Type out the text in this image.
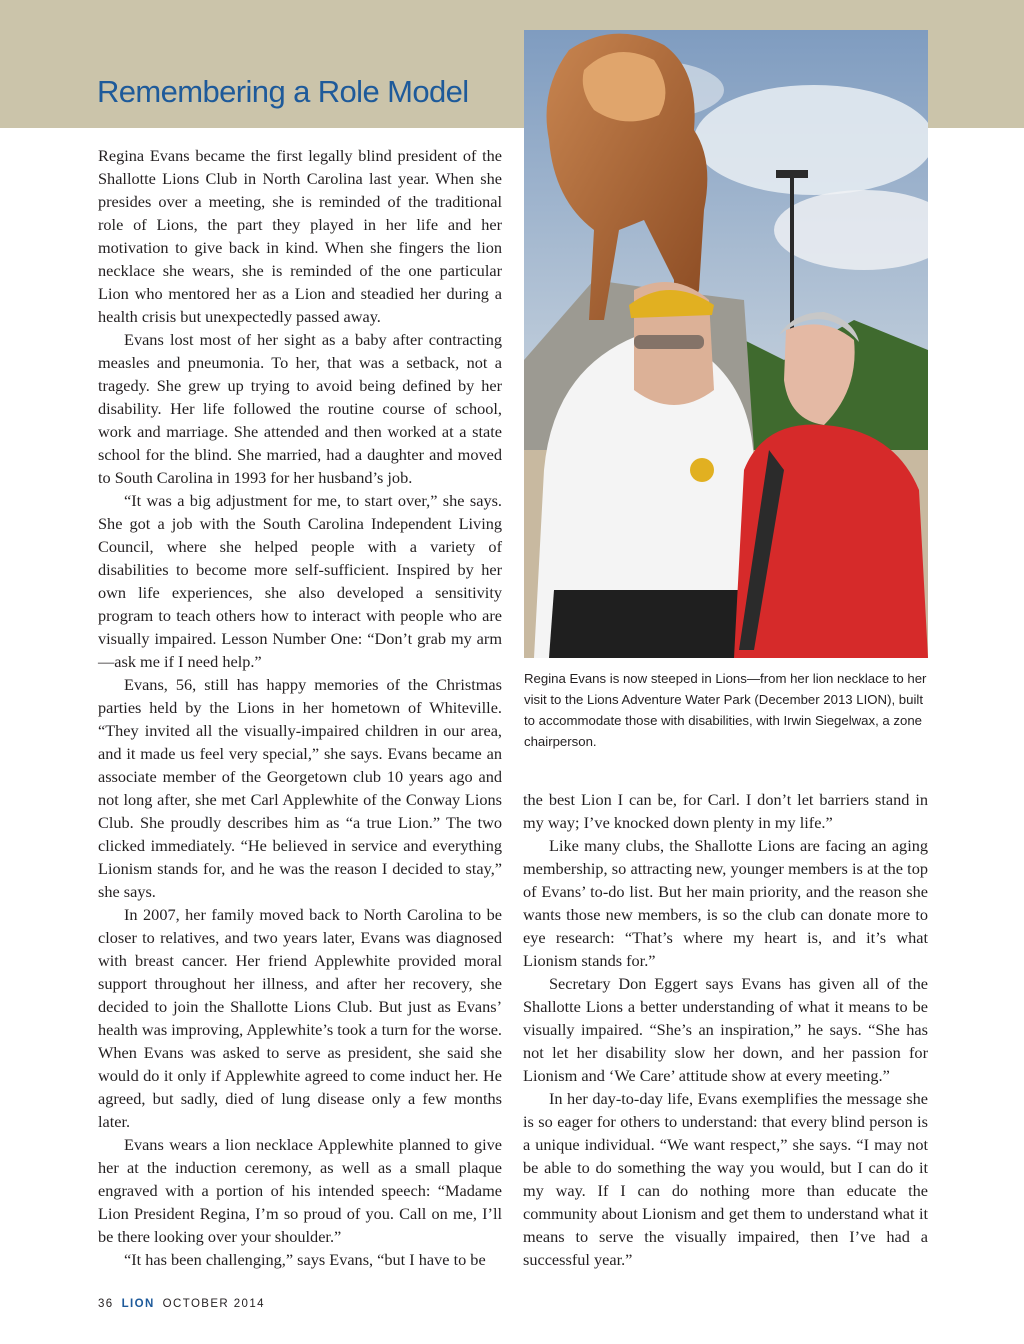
Remembering a Role Model

Regina Evans is now steeped in Lions—from her lion necklace to her visit to the Lions Adventure Water Park (December 2013 LION), built to accommodate those with disabilities, with Irwin Siegelwax, a zone chairperson.

Regina Evans became the first legally blind president of the Shallotte Lions Club in North Carolina last year. When she presides over a meeting, she is reminded of the traditional role of Lions, the part they played in her life and her motivation to give back in kind. When she fingers the lion necklace she wears, she is reminded of the one particular Lion who mentored her as a Lion and steadied her during a health crisis but unexpectedly passed away.

Evans lost most of her sight as a baby after contracting measles and pneumonia. To her, that was a setback, not a tragedy. She grew up trying to avoid being defined by her disability. Her life followed the routine course of school, work and marriage. She attended and then worked at a state school for the blind. She married, had a daughter and moved to South Carolina in 1993 for her husband’s job.

“It was a big adjustment for me, to start over,” she says. She got a job with the South Carolina Independent Living Council, where she helped people with a variety of disabilities to become more self-sufficient. Inspired by her own life experiences, she also developed a sensitivity program to teach others how to interact with people who are visually impaired. Lesson Number One: “Don’t grab my arm—ask me if I need help.”

Evans, 56, still has happy memories of the Christmas parties held by the Lions in her hometown of Whiteville. “They invited all the visually-impaired children in our area, and it made us feel very special,” she says. Evans became an associate member of the Georgetown club 10 years ago and not long after, she met Carl Applewhite of the Conway Lions Club. She proudly describes him as “a true Lion.” The two clicked immediately. “He believed in service and everything Lionism stands for, and he was the reason I decided to stay,” she says.

In 2007, her family moved back to North Carolina to be closer to relatives, and two years later, Evans was diagnosed with breast cancer. Her friend Applewhite provided moral support throughout her illness, and after her recovery, she decided to join the Shallotte Lions Club. But just as Evans’ health was improving, Applewhite’s took a turn for the worse. When Evans was asked to serve as president, she said she would do it only if Applewhite agreed to come induct her. He agreed, but sadly, died of lung disease only a few months later.

Evans wears a lion necklace Applewhite planned to give her at the induction ceremony, as well as a small plaque engraved with a portion of his intended speech: “Madame Lion President Regina, I’m so proud of you. Call on me, I’ll be there looking over your shoulder.”

“It has been challenging,” says Evans, “but I have to be

the best Lion I can be, for Carl. I don’t let barriers stand in my way; I’ve knocked down plenty in my life.”

Like many clubs, the Shallotte Lions are facing an aging membership, so attracting new, younger members is at the top of Evans’ to-do list. But her main priority, and the reason she wants those new members, is so the club can donate more to eye research: “That’s where my heart is, and it’s what Lionism stands for.”

Secretary Don Eggert says Evans has given all of the Shallotte Lions a better understanding of what it means to be visually impaired. “She’s an inspiration,” he says. “She has not let her disability slow her down, and her passion for Lionism and ‘We Care’ attitude show at every meeting.”

In her day-to-day life, Evans exemplifies the message she is so eager for others to understand: that every blind person is a unique individual. “We want respect,” she says. “I may not be able to do something the way you would, but I can do it my way. If I can do nothing more than educate the community about Lionism and get them to understand what it means to serve the visually impaired, then I’ve had a successful year.”

36 LION OCTOBER 2014
